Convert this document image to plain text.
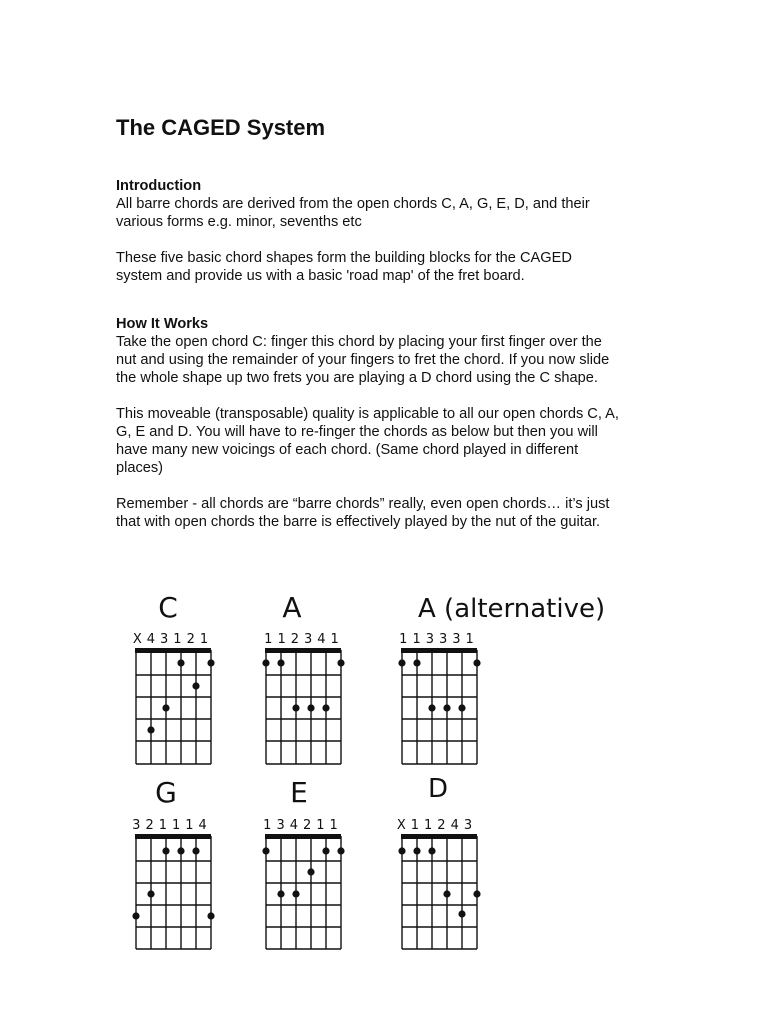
The CAGED System
Introduction
All barre chords are derived from the open chords C, A, G, E, D, and their
various forms e.g. minor, sevenths etc
These five basic chord shapes form the building blocks for the CAGED
system and provide us with a basic 'road map' of the fret board.
How It Works
Take the open chord C: finger this chord by placing your first finger over the
nut and using the remainder of your fingers to fret the chord. If you now slide
the whole shape up two frets you are playing a D chord using the C shape.
This moveable (transposable) quality is applicable to all our open chords C, A,
G, E and D. You will have to re-finger the chords as below but then you will
have many new voicings of each chord. (Same chord played in different
places)
Remember - all chords are “barre chords” really, even open chords… it’s just
that with open chords the barre is effectively played by the nut of the guitar.
C	A	A (alternative)
G	E	D
X43121	112341	113331
321114	134211	X11243
